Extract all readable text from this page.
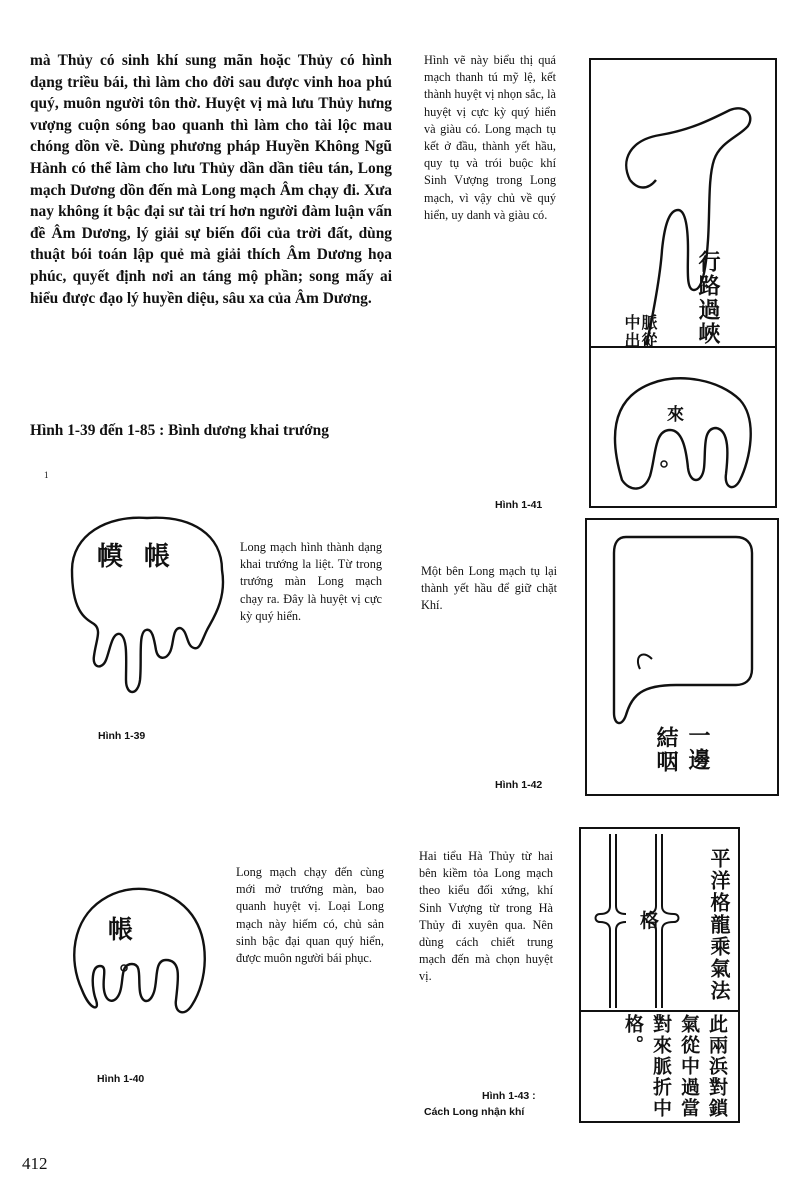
mà Thủy có sinh khí sung mãn hoặc Thủy có hình dạng triều bái, thì làm cho đời sau được vinh hoa phú quý, muôn người tôn thờ. Huyệt vị mà lưu Thủy hưng vượng cuộn sóng bao quanh thì làm cho tài lộc mau chóng dồn về. Dùng phương pháp Huyền Không Ngũ Hành có thể làm cho lưu Thủy dần dần tiêu tán, Long mạch Dương dồn đến mà Long mạch Âm chạy đi. Xưa nay không ít bậc đại sư tài trí hơn người đàm luận vấn đề Âm Dương, lý giải sự biến đổi của trời đất, dùng thuật bói toán lập quẻ mà giải thích Âm Dương họa phúc, quyết định nơi an táng mộ phần; song mấy ai hiểu được đạo lý huyền diệu, sâu xa của Âm Dương.
Hình 1-39 đến 1-85 : Bình dương khai trướng
1
幙 帳	Long mạch hình thành dạng khai trướng la liệt. Từ trong trướng màn Long mạch chạy ra. Đây là huyệt vị cực kỳ quý hiển.
Hình 1-39
帳
Long mạch chạy đến cùng mới mở trướng màn, bao quanh huyệt vị. Loại Long mạch này hiếm có, chủ sản sinh bậc đại quan quý hiển, được muôn người bái phục.
Hình 1-40
Hình vẽ này biểu thị quá mạch thanh tú mỹ lệ, kết thành huyệt vị nhọn sắc, là huyệt vị cực kỳ quý hiển và giàu có. Long mạch tụ kết ở đầu, thành yết hầu, quy tụ và trói buộc khí Sinh Vượng trong Long mạch, vì vậy chủ về quý hiển, uy danh và giàu có.
行路過峽
脈從
中出
來
Hình 1-41
Một bên Long mạch tụ lại thành yết hầu để giữ chặt Khí.
一邊
結咽
Hình 1-42
Hai tiểu Hà Thủy từ hai bên kiềm tỏa Long mạch theo kiểu đối xứng, khí Sinh Vượng từ trong Hà Thủy đi xuyên qua. Nên dùng cách chiết trung mạch đến mà chọn huyệt vị.	平洋格龍乘氣法
格
此兩浜對鎖
氣從中過當
對來脈折中
格。
Hình 1-43 :
Cách Long nhận khí
412
